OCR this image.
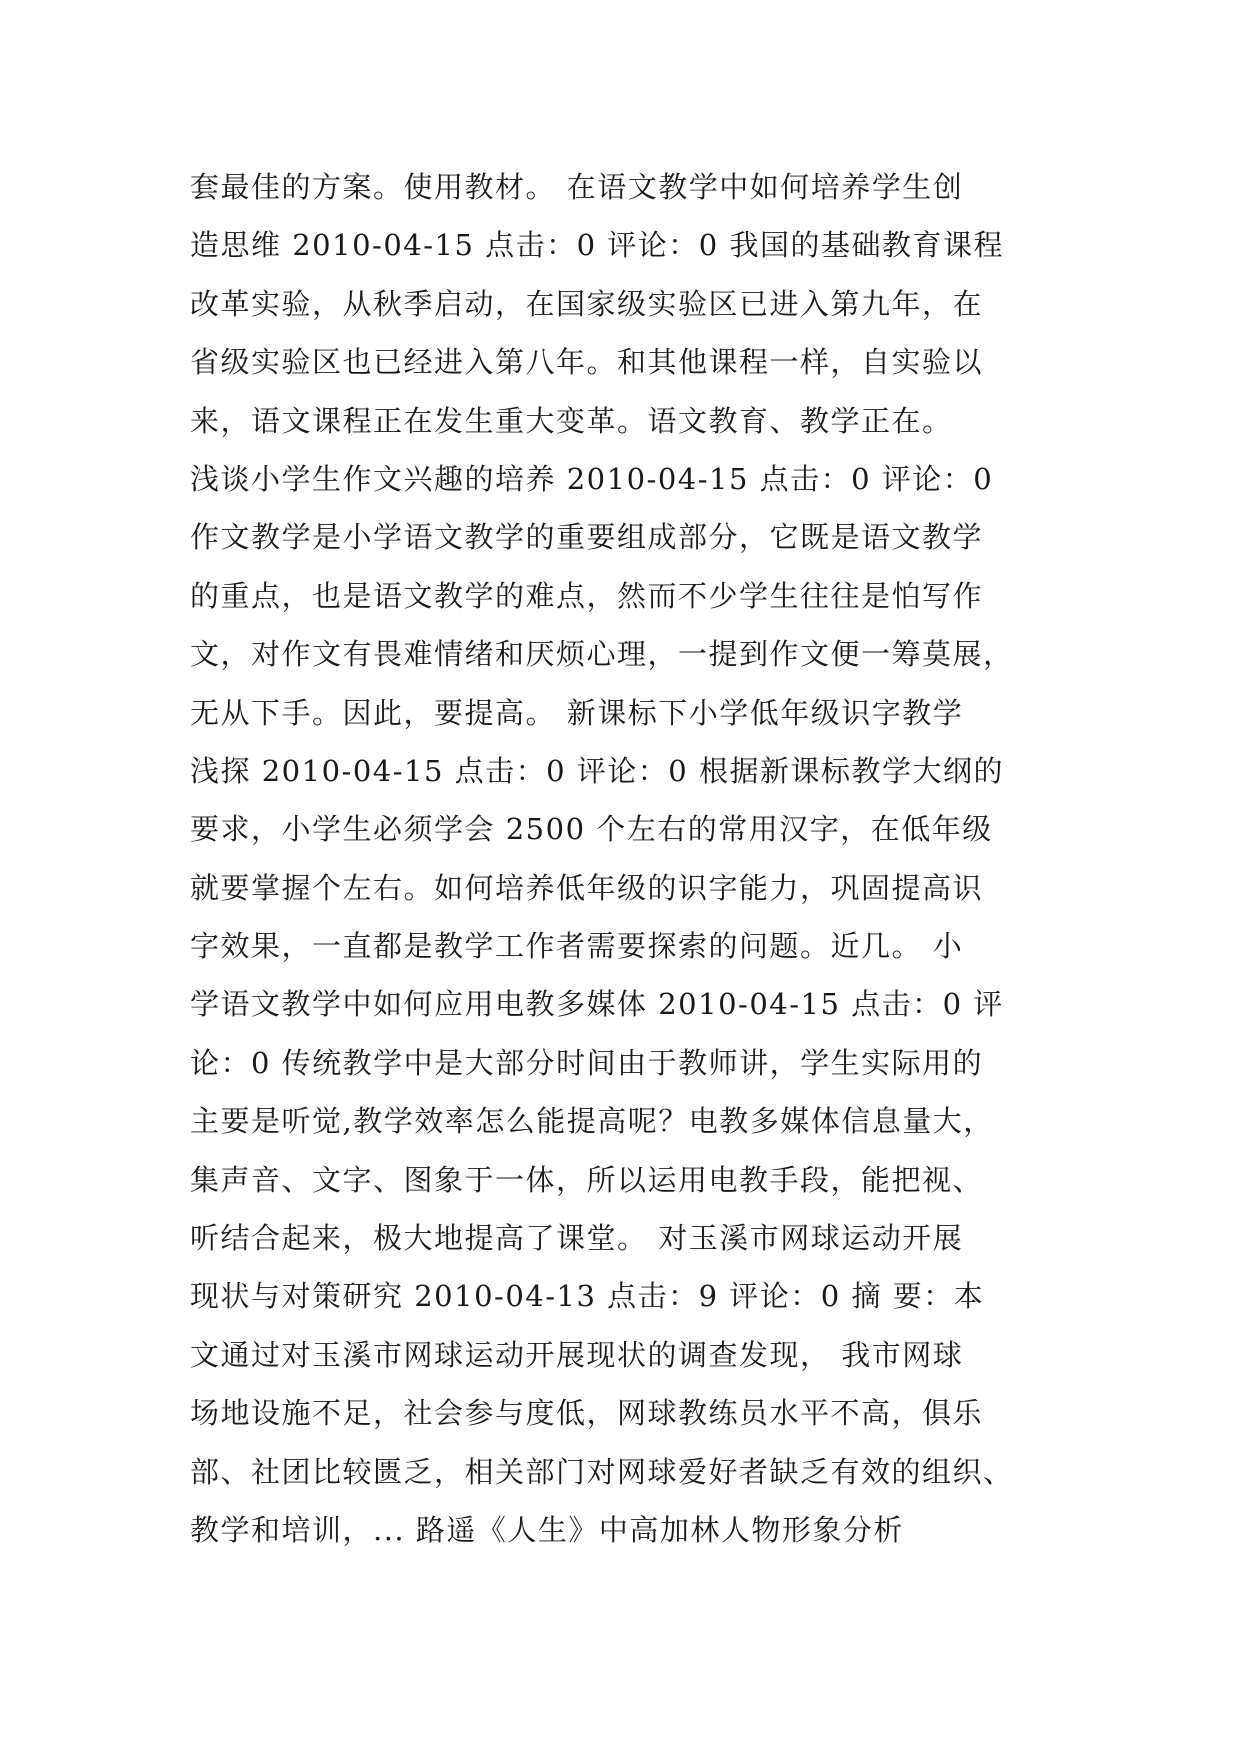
套最佳的方案。使用教材。 在语文教学中如何培养学生创
造思维 2010-04-15 点击：0 评论：0 我国的基础教育课程
改革实验，从秋季启动，在国家级实验区已进入第九年，在
省级实验区也已经进入第八年。和其他课程一样，自实验以
来，语文课程正在发生重大变革。语文教育、教学正在。
浅谈小学生作文兴趣的培养 2010-04-15 点击：0 评论：0
作文教学是小学语文教学的重要组成部分，它既是语文教学
的重点，也是语文教学的难点，然而不少学生往往是怕写作
文，对作文有畏难情绪和厌烦心理，一提到作文便一筹莫展，
无从下手。因此，要提高。 新课标下小学低年级识字教学
浅探 2010-04-15 点击：0 评论：0 根据新课标教学大纲的
要求，小学生必须学会 2500 个左右的常用汉字，在低年级
就要掌握个左右。如何培养低年级的识字能力，巩固提高识
字效果，一直都是教学工作者需要探索的问题。近几。 小
学语文教学中如何应用电教多媒体 2010-04-15 点击：0 评
论：0 传统教学中是大部分时间由于教师讲，学生实际用的
主要是听觉,教学效率怎么能提高呢？电教多媒体信息量大，
集声音、文字、图象于一体，所以运用电教手段，能把视、
听结合起来，极大地提高了课堂。 对玉溪市网球运动开展
现状与对策研究 2010-04-13 点击：9 评论：0 摘 要：本
文通过对玉溪市网球运动开展现状的调查发现， 我市网球
场地设施不足，社会参与度低，网球教练员水平不高，俱乐
部、社团比较匮乏，相关部门对网球爱好者缺乏有效的组织、
教学和培训，... 路遥《人生》中高加林人物形象分析
